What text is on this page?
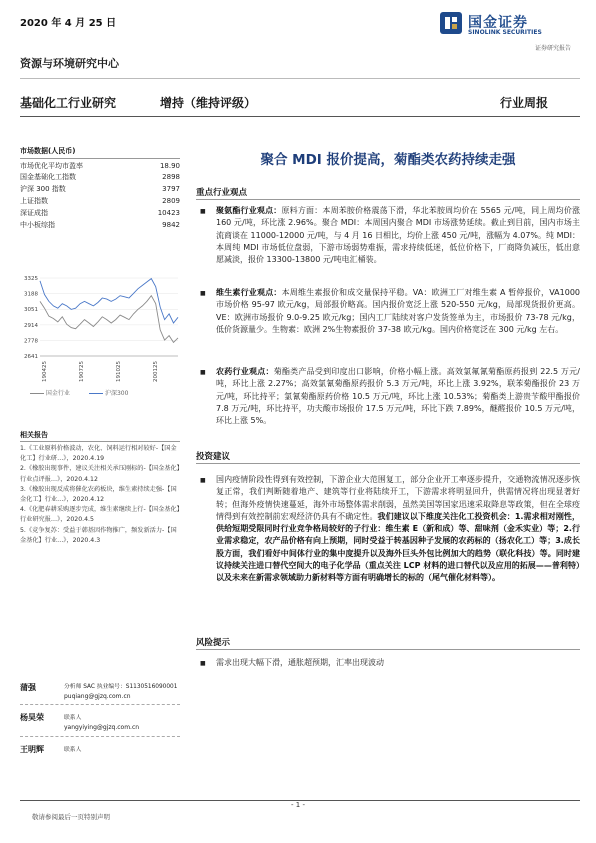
2020 年 4 月 25 日	国金证券
SINOLINK SECURITIES
证券研究报告
资源与环境研究中心
基础化工行业研究	增持（维持评级）	行业周报
市场数据(人民币)
市场优化平均市盈率	18.90
国金基础化工指数	2898
沪深 300 指数	3797
上证指数	2809
深证成指	10423
中小板综指	9842
3325
3188
3051
2914
2778
2641
190425	190725	191025	200125
国金行业	沪深300
相关报告
1.《工业原料价格波动，农化、饲料运行相对较好-【国金化工】行业研…》，2020.4.19
2.《橡胶出现事件，建议关注相关承压刚标的-【国金基化】行业点评报…》，2020.4.12
3.《橡胶出现反成将催化农药板块，维生素持续走强-【国金化工】行业…》，2020.4.12
4.《化肥春耕采购逐步完成，维生素继续上行-【国金基化】行业研究报…》，2020.4.5
5.《竞争复苏：受益于韩基因作物推广，频发新活力-【国金基化】行业…》，2020.4.3
蒲强	分析师 SAC 执业编号：S1130516090001
puqiang@gjzq.com.cn
杨昊荣	联系人
yangyiying@gjzq.com.cn
王明辉	联系人
聚合 MDI 报价提高，菊酯类农药持续走强
重点行业观点
■ 聚氨酯行业观点：原料方面：本周苯胺价格震荡下滑，华北苯胺周均价在 5565 元/吨，同上周均价涨 160 元/吨，环比涨 2.96%。聚合 MDI：本周国内聚合 MDI 市场涨势延续。截止到目前，国内市场主流商谈在 11000-12000 元/吨，与 4 月 16 日相比，均价上涨 450 元/吨，涨幅为 4.07%。纯 MDI：本周纯 MDI 市场低位盘弱，下游市场弱势难振，需求持续低迷，低位价格下，厂商降负减压，低出意愿减淡，报价 13300-13800 元/吨电汇桶装。
■ 维生素行业观点：本周维生素报价和成交量保持平稳。VA：欧洲工厂对维生素 A 暂停报价，VA1000 市场价格 95-97 欧元/kg，局部报价略高。国内报价宽泛上涨 520-550 元/kg，局部现货报价更高。VE：欧洲市场报价 9.0-9.25 欧元/kg；国内工厂陆续对客户发货签单为主，市场报价 73-78 元/kg，低价货源量少。生物素：欧洲 2%生物素报价 37-38 欧元/kg。国内价格宽泛在 300 元/kg 左右。
■ 农药行业观点：菊酯类产品受到印度出口影响，价格小幅上涨。高效氯氟氰菊酯原药报到 22.5 万元/吨，环比上涨 2.27%；高效氯氰菊酯原药报价 5.3 万元/吨，环比上涨 3.92%，联苯菊酯报价 23 万元/吨，环比持平；氯氰菊酯原药价格 10.5 万元/吨，环比上涨 10.53%；菊酯类上游贵苄酸甲酯报价 7.8 万元/吨，环比持平，功夫酸市场报价 17.5 万元/吨，环比下跌 7.89%，醚醛报价 10.5 万元/吨，环比上涨 5%。
投资建议
■ 国内疫情阶段性得到有效控制，下游企业大范围复工，部分企业开工率逐步提升，交通物流情况逐步恢复正常，我们判断随着地产、建筑等行业将陆续开工，下游需求将明显回升，供需情况将出现显著好转；但海外疫情快速蔓延，海外市场整体需求削弱，虽然美国等国家迅速采取降息等政策，但在全球疫情得到有效控制前宏观经济仍具有不确定性。我们建议以下维度关注化工投资机会：1.需求相对刚性，供给短期受限同时行业竞争格局较好的子行业：维生素 E（新和成）等、甜味剂（金禾实业）等；2.行业需求稳定，农产品价格有向上预期，同时受益于转基因种子发展的农药标的（扬农化工）等；3.成长股方面，我们看好中间体行业的集中度提升以及海外巨头外包比例加大的趋势（联化科技）等。同时建议持续关注进口替代空间大的电子化学品（重点关注 LCP 材料的进口替代以及应用的拓展——普利特）以及未来在新需求领域助力新材料等方面有明确增长的标的（尾气催化材料等）。
风险提示
■ 需求出现大幅下滑，通胀超预期，汇率出现波动
- 1 -
敬请参阅最后一页特别声明
